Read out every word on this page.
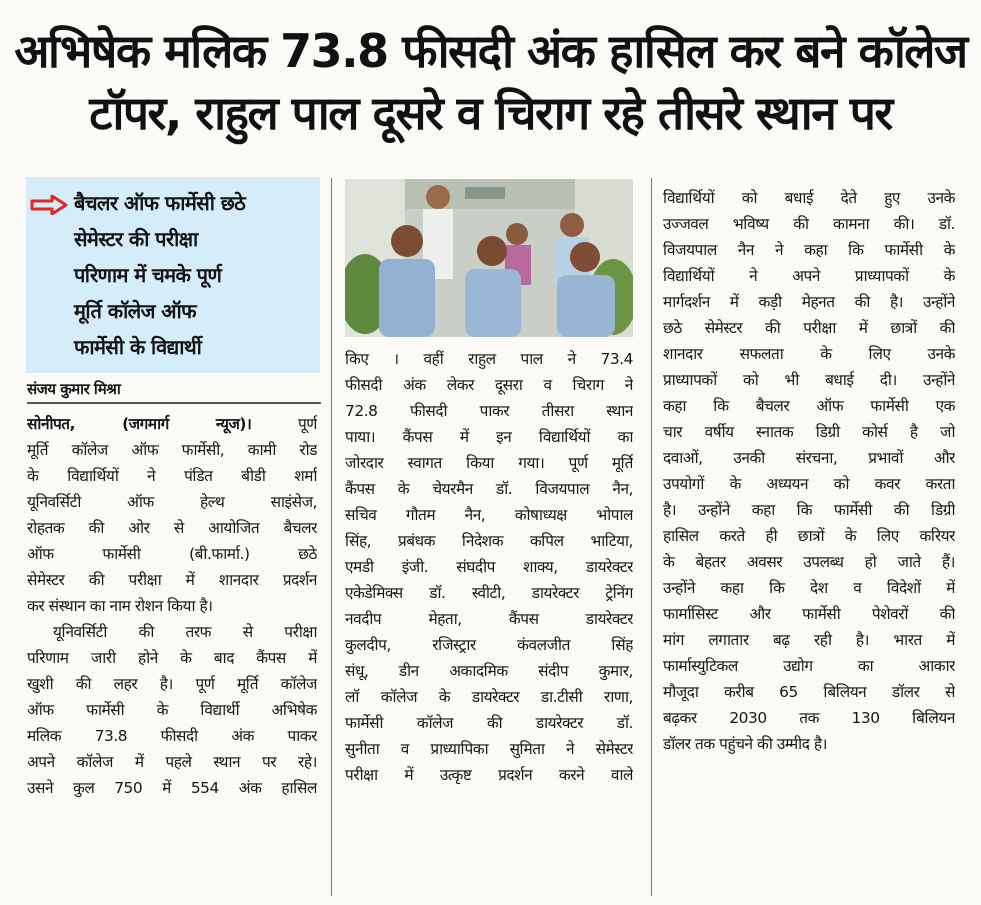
अभिषेक मलिक 73.8 फीसदी अंक हासिल कर बने कॉलेज
टॉपर, राहुल पाल दूसरे व चिराग रहे तीसरे स्थान पर
बैचलर ऑफ फार्मेसी छठे
सेमेस्टर की परीक्षा
परिणाम में चमके पूर्ण
मूर्ति कॉलेज ऑफ
फार्मेसी के विद्यार्थी
संजय कुमार मिश्रा
सोनीपत, (जगमार्ग न्यूज)।	पूर्ण
मूर्ति कॉलेज ऑफ फार्मेसी, कामी रोड
के विद्यार्थियों ने पंडित बीडी शर्मा
यूनिवर्सिटी ऑफ हेल्थ साइंसेज,
रोहतक की ओर से आयोजित बैचलर
ऑफ फार्मेसी (बी.फार्मा.) छठे
सेमेस्टर की परीक्षा में शानदार प्रदर्शन
कर संस्थान का नाम रोशन किया है।
यूनिवर्सिटी की तरफ से परीक्षा
परिणाम जारी होने के बाद कैंपस में
खुशी की लहर है। पूर्ण मूर्ति कॉलेज
ऑफ फार्मेसी के विद्यार्थी अभिषेक
मलिक 73.8 फीसदी अंक पाकर
अपने कॉलेज में पहले स्थान पर रहे।
उसने कुल 750 में 554 अंक हासिल
किए । वहीं राहुल पाल ने 73.4
फीसदी अंक लेकर दूसरा व चिराग ने
72.8 फीसदी पाकर तीसरा स्थान
पाया। कैंपस में इन विद्यार्थियों का
जोरदार स्वागत किया गया। पूर्ण मूर्ति
कैंपस के चेयरमैन डॉ. विजयपाल नैन,
सचिव गौतम नैन, कोषाध्यक्ष भोपाल
सिंह, प्रबंधक निदेशक कपिल भाटिया,
एमडी इंजी. संघदीप शाक्य, डायरेक्टर
एकेडेमिक्स डॉ. स्वीटी, डायरेक्टर ट्रेनिंग
नवदीप मेहता, कैंपस डायरेक्टर
कुलदीप, रजिस्ट्रार कंवलजीत सिंह
संधू, डीन अकादमिक संदीप कुमार,
लॉ कॉलेज के डायरेक्टर डा.टीसी राणा,
फार्मेसी कॉलेज की डायरेक्टर डॉ.
सुनीता व प्राध्यापिका सुमिता ने सेमेस्टर
परीक्षा में उत्कृष्ट प्रदर्शन करने वाले
विद्यार्थियों को बधाई देते हुए उनके
उज्जवल भविष्य की कामना की। डॉ.
विजयपाल नैन ने कहा कि फार्मेसी के
विद्यार्थियों ने अपने प्राध्यापकों के
मार्गदर्शन में कड़ी मेहनत की है। उन्होंने
छठे सेमेस्टर की परीक्षा में छात्रों की
शानदार सफलता के लिए उनके
प्राध्यापकों को भी बधाई दी। उन्होंने
कहा कि बैचलर ऑफ फार्मेसी एक
चार वर्षीय स्नातक डिग्री कोर्स है जो
दवाओं, उनकी संरचना, प्रभावों और
उपयोगों के अध्ययन को कवर करता
है। उन्होंने कहा कि फार्मेसी की डिग्री
हासिल करते ही छात्रों के लिए करियर
के बेहतर अवसर उपलब्ध हो जाते हैं।
उन्होंने कहा कि देश व विदेशों में
फार्मासिस्ट और फार्मेसी पेशेवरों की
मांग लगातार बढ़ रही है। भारत में
फार्मास्युटिकल उद्योग का आकार
मौजूदा करीब 65 बिलियन डॉलर से
बढ़कर 2030 तक 130 बिलियन
डॉलर तक पहुंचने की उम्मीद है।
